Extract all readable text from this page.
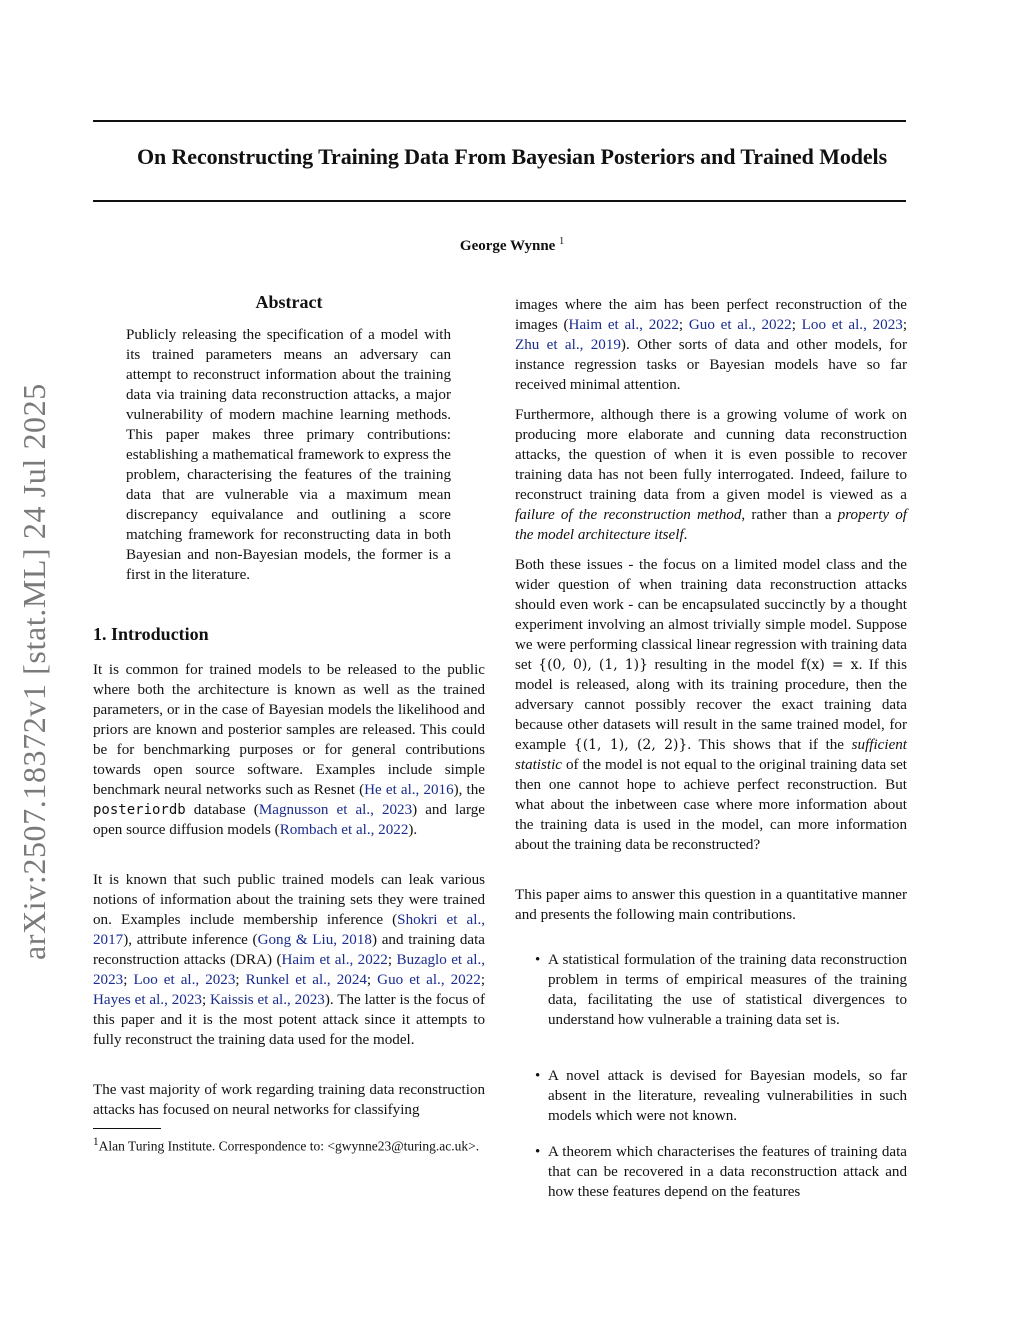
On Reconstructing Training Data From Bayesian Posteriors and Trained Models
George Wynne $^1$
arXiv:2507.18372v1 [stat.ML] 24 Jul 2025
Abstract
Publicly releasing the specification of a model with its trained parameters means an adversary can attempt to reconstruct information about the training data via training data reconstruction attacks, a major vulnerability of modern machine learning methods. This paper makes three primary contributions: establishing a mathematical framework to express the problem, characterising the features of the training data that are vulnerable via a maximum mean discrepancy equivalance and outlining a score matching framework for reconstructing data in both Bayesian and non-Bayesian models, the former is a first in the literature.
1. Introduction

It is common for trained models to be released to the public where both the architecture is known as well as the trained parameters, or in the case of Bayesian models the likelihood and priors are known and posterior samples are released. This could be for benchmarking purposes or for general contributions towards open source software. Examples include simple benchmark neural networks such as Resnet (He et al., 2016), the posteriordb database (Magnusson et al., 2023) and large open source diffusion models (Rombach et al., 2022).

It is known that such public trained models can leak various notions of information about the training sets they were trained on. Examples include membership inference (Shokri et al., 2017), attribute inference (Gong & Liu, 2018) and training data reconstruction attacks (DRA) (Haim et al., 2022; Buzaglo et al., 2023; Loo et al., 2023; Runkel et al., 2024; Guo et al., 2022; Hayes et al., 2023; Kaissis et al., 2023). The latter is the focus of this paper and it is the most potent attack since it attempts to fully reconstruct the training data used for the model.

The vast majority of work regarding training data reconstruction attacks has focused on neural networks for classifying

$^1$Alan Turing Institute. Correspondence to: <gwynne23@turing.ac.uk>.

images where the aim has been perfect reconstruction of the images (Haim et al., 2022; Guo et al., 2022; Loo et al., 2023; Zhu et al., 2019). Other sorts of data and other models, for instance regression tasks or Bayesian models have so far received minimal attention.

Furthermore, although there is a growing volume of work on producing more elaborate and cunning data reconstruction attacks, the question of when it is even possible to recover training data has not been fully interrogated. Indeed, failure to reconstruct training data from a given model is viewed as a failure of the reconstruction method, rather than a property of the model architecture itself.

Both these issues - the focus on a limited model class and the wider question of when training data reconstruction attacks should even work - can be encapsulated succinctly by a thought experiment involving an almost trivially simple model. Suppose we were performing classical linear regression with training data set {(0, 0), (1, 1)} resulting in the model f(x) = x. If this model is released, along with its training procedure, then the adversary cannot possibly recover the exact training data because other datasets will result in the same trained model, for example {(1, 1), (2, 2)}. This shows that if the sufficient statistic of the model is not equal to the original training data set then one cannot hope to achieve perfect reconstruction. But what about the inbetween case where more information about the training data is used in the model, can more information about the training data be reconstructed?

This paper aims to answer this question in a quantitative manner and presents the following main contributions.

• A statistical formulation of the training data reconstruction problem in terms of empirical measures of the training data, facilitating the use of statistical divergences to understand how vulnerable a training data set is.
• A novel attack is devised for Bayesian models, so far absent in the literature, revealing vulnerabilities in such models which were not known.
• A theorem which characterises the features of training data that can be recovered in a data reconstruction attack and how these features depend on the features
